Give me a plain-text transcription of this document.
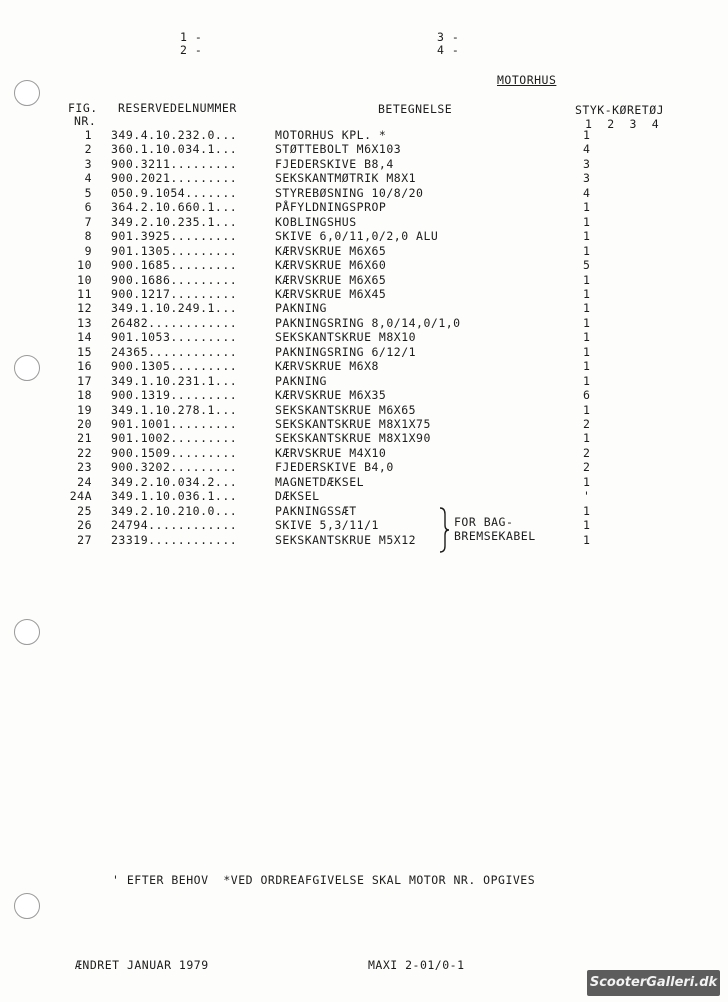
1 -
2 -
3 -
4 -
MOTORHUS
FIG.
NR.
RESERVEDELNUMMER	BETEGNELSE	STYK-KØRETØJ
1  2  3  4
1 349.4.10.232.0...	MOTORHUS KPL. *	1
2 360.1.10.034.1...	STØTTEBOLT M6X103	4
3 900.3211.........	FJEDERSKIVE B8,4	3
4 900.2021.........	SEKSKANTMØTRIK M8X1	3
5 050.9.1054.......	STYREBØSNING 10/8/20	4
6 364.2.10.660.1...	PÅFYLDNINGSPROP	1
7 349.2.10.235.1...	KOBLINGSHUS	1
8 901.3925.........	SKIVE 6,0/11,0/2,0 ALU	1
9 901.1305.........	KÆRVSKRUE M6X65	1
10 900.1685.........	KÆRVSKRUE M6X60	5
10 900.1686.........	KÆRVSKRUE M6X65	1
11 900.1217.........	KÆRVSKRUE M6X45	1
12 349.1.10.249.1...	PAKNING	1
13 26482............	PAKNINGSRING 8,0/14,0/1,0	1
14 901.1053.........	SEKSKANTSKRUE M8X10	1
15 24365............	PAKNINGSRING 6/12/1	1
16 900.1305.........	KÆRVSKRUE M6X8	1
17 349.1.10.231.1...	PAKNING	1
18 900.1319.........	KÆRVSKRUE M6X35	6
19 349.1.10.278.1...	SEKSKANTSKRUE M6X65	1
20 901.1001.........	SEKSKANTSKRUE M8X1X75	2
21 901.1002.........	SEKSKANTSKRUE M8X1X90	1
22 900.1509.........	KÆRVSKRUE M4X10	2
23 900.3202.........	FJEDERSKIVE B4,0	2
24 349.2.10.034.2...	MAGNETDÆKSEL	1
24A 349.1.10.036.1...	DÆKSEL	'
25 349.2.10.210.0...	PAKNINGSSÆT	1
26 24794............	SKIVE 5,3/11/1	1
27 23319............	SEKSKANTSKRUE M5X12	1
FOR BAG-
BREMSEKABEL
' EFTER BEHOV  *VED ORDREAFGIVELSE SKAL MOTOR NR. OPGIVES
ÆNDRET JANUAR 1979	MAXI 2-01/0-1
ScooterGalleri.dk
